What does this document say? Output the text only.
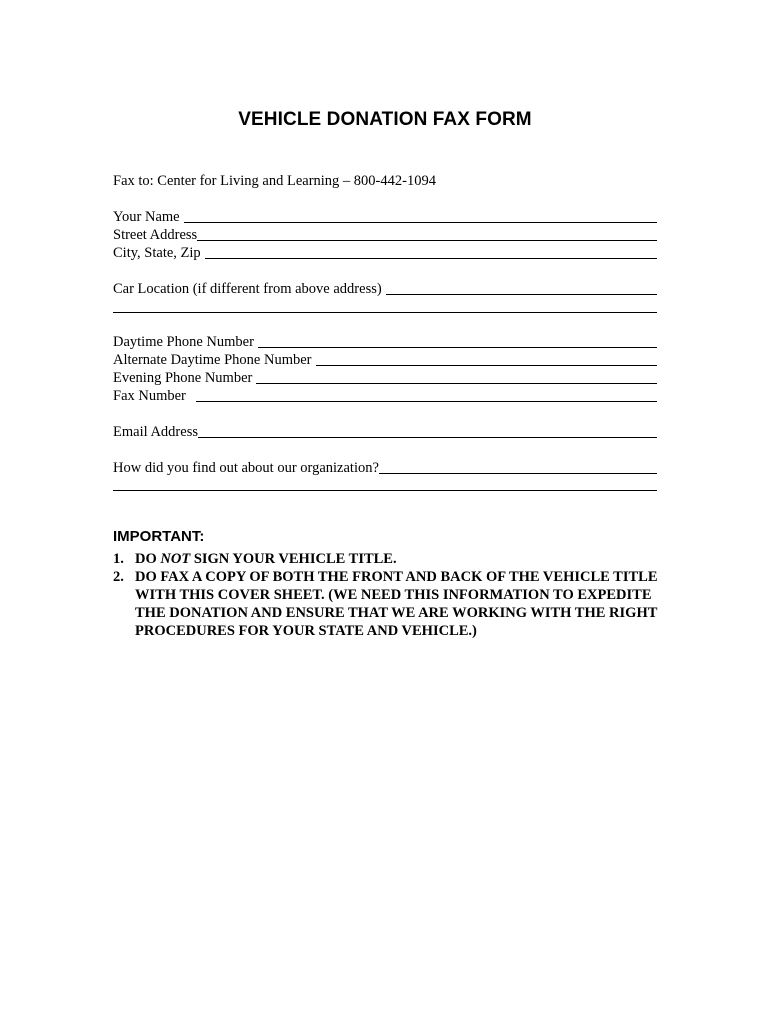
VEHICLE DONATION FAX FORM
Fax to: Center for Living and Learning – 800-442-1094
Your Name
Street Address
City, State, Zip
Car Location (if different from above address)
Daytime Phone Number
Alternate Daytime Phone Number
Evening Phone Number
Fax Number
Email Address
How did you find out about our organization?
IMPORTANT:
1. DO NOT SIGN YOUR VEHICLE TITLE.
2. DO FAX A COPY OF BOTH THE FRONT AND BACK OF THE VEHICLE TITLE WITH THIS COVER SHEET. (WE NEED THIS INFORMATION TO EXPEDITE THE DONATION AND ENSURE THAT WE ARE WORKING WITH THE RIGHT PROCEDURES FOR YOUR STATE AND VEHICLE.)
